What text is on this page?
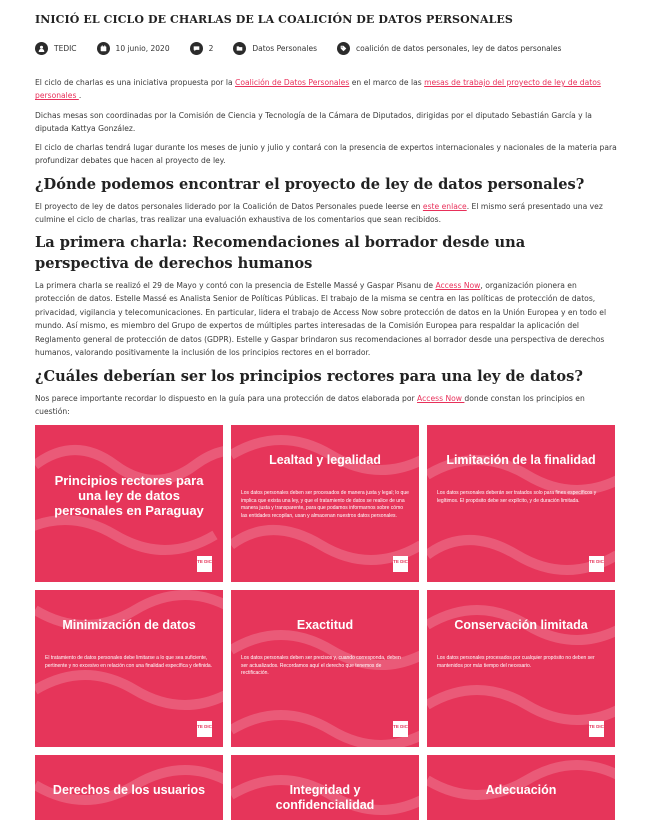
INICIÓ EL CICLO DE CHARLAS DE LA COALICIÓN DE DATOS PERSONALES
TEDIC	10 junio, 2020	2	Datos Personales	coalición de datos personales, ley de datos personales

El ciclo de charlas es una iniciativa propuesta por la Coalición de Datos Personales en el marco de las mesas de trabajo del proyecto de ley de datos personales .

Dichas mesas son coordinadas por la Comisión de Ciencia y Tecnología de la Cámara de Diputados, dirigidas por el diputado Sebastián García y la diputada Kattya González.

El ciclo de charlas tendrá lugar durante los meses de junio y julio y contará con la presencia de expertos internacionales y nacionales de la materia para profundizar debates que hacen al proyecto de ley.

¿Dónde podemos encontrar el proyecto de ley de datos personales?

El proyecto de ley de datos personales liderado por la Coalición de Datos Personales puede leerse en este enlace. El mismo será presentado una vez culmine el ciclo de charlas, tras realizar una evaluación exhaustiva de los comentarios que sean recibidos.

La primera charla: Recomendaciones al borrador desde una perspectiva de derechos humanos

La primera charla se realizó el 29 de Mayo y contó con la presencia de Estelle Massé y Gaspar Pisanu de Access Now, organización pionera en protección de datos. Estelle Massé es Analista Senior de Políticas Públicas. El trabajo de la misma se centra en las políticas de protección de datos, privacidad, vigilancia y telecomunicaciones. En particular, lidera el trabajo de Access Now sobre protección de datos en la Unión Europea y en todo el mundo. Así mismo, es miembro del Grupo de expertos de múltiples partes interesadas de la Comisión Europea para respaldar la aplicación del Reglamento general de protección de datos (GDPR). Estelle y Gaspar brindaron sus recomendaciones al borrador desde una perspectiva de derechos humanos, valorando positivamente la inclusión de los principios rectores en el borrador.

¿Cuáles deberían ser los principios rectores para una ley de datos?

Nos parece importante recordar lo dispuesto en la guía para una protección de datos elaborada por Access Now donde constan los principios en cuestión:

Principios rectores para una ley de datos personales en Paraguay
TE DIC
Lealtad y legalidad
Los datos personales deben ser procesados de manera justa y legal; lo que implica que exista una ley, y que el tratamiento de datos se realice de una manera justa y transparente, para que podamos informarnos sobre cómo las entidades recopilan, usan y almacenan nuestros datos personales.
TE DIC
Limitación de la finalidad
Los datos personales deberán ser tratados solo para fines específicos y legítimos. El propósito debe ser explícito, y de duración limitada.
TE DIC
Minimización de datos
El tratamiento de datos personales debe limitarse a lo que sea suficiente, pertinente y no excesivo en relación con una finalidad específica y definida.
TE DIC
Exactitud
Los datos personales deben ser precisos y, cuando corresponda, deben ser actualizados. Recordamos aquí el derecho que tenemos de rectificación.
TE DIC
Conservación limitada
Los datos personales procesados por cualquier propósito no deben ser mantenidos por más tiempo del necesario.
TE DIC
Derechos de los usuarios	Integridad y confidencialidad
Adecuación
